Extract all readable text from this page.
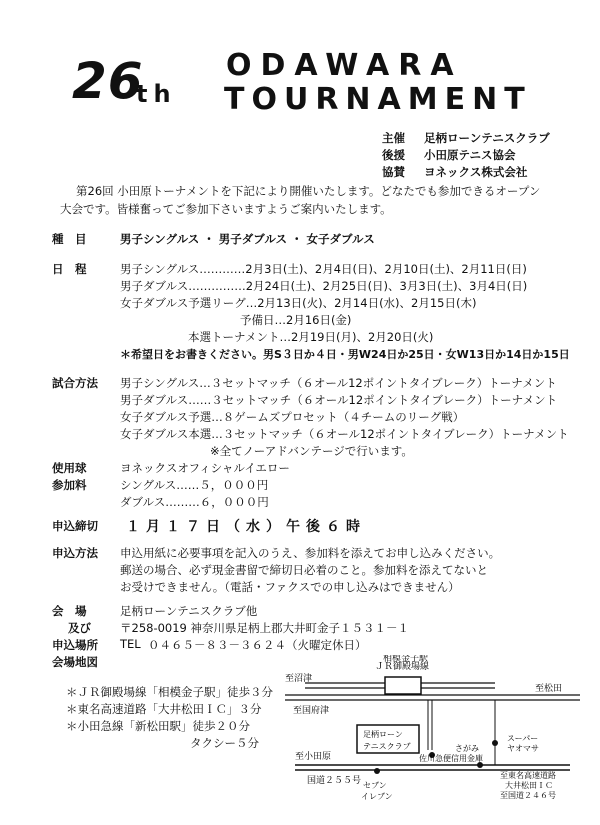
26
th
ODAWARA
TOURNAMENT
主催 足柄ローンテニスクラブ
後援 小田原テニス協会
協賛 ヨネックス株式会社
第26回 小田原トーナメントを下記により開催いたします。どなたでも参加できるオープン
大会です。皆様奮ってご参加下さいますようご案内いたします。
種　目	男子シングルス ・ 男子ダブルス ・ 女子ダブルス
日　程	男子シングルス…………2月3日(土)、2月4日(日)、2月10日(土)、2月11日(日)
男子ダブルス……………2月24日(土)、2月25日(日)、3月3日(土)、3月4日(日)
女子ダブルス予選リーグ…2月13日(火)、2月14日(水)、2月15日(木)
予備日…2月16日(金)
本選トーナメント…2月19日(月)、2月20日(火)
＊希望日をお書きください。男S３日か４日・男W24日か25日・女W13日か14日か15日
試合方法 男子シングルス…３セットマッチ（６オール12ポイントタイブレーク）トーナメント
男子ダブルス……３セットマッチ（６オール12ポイントタイブレーク）トーナメント
女子ダブルス予選…８ゲームズプロセット（４チームのリーグ戦）
女子ダブルス本選…３セットマッチ（６オール12ポイントタイブレーク）トーナメント
※全てノーアドバンテージで行います。
使用球	ヨネックスオフィシャルイエロー
参加料	シングルス……５，０００円
ダブルス………６，０００円
申込締切 １月１７日（水）午後６時
申込方法 申込用紙に必要事項を記入のうえ、参加料を添えてお申し込みください。
郵送の場合、必ず現金書留で締切日必着のこと。参加料を添えてないと
お受けできません。（電話・ファクスでの申し込みはできません）
会　場	足柄ローンテニスクラブ他
及び	〒258-0019 神奈川県足柄上郡大井町金子１５３１－１
申込場所 TEL ０４６５－８３－３６２４（火曜定休日）
会場地図
＊ＪＲ御殿場線「相模金子駅」徒歩３分
＊東名高速道路「大井松田ＩＣ」３分
＊小田急線「新松田駅」徒歩２０分
タクシー５分
ＪＲ御殿場線
相模金子駅
至沼津
至松田
至国府津
足柄ローン
テニスクラブ
至小田原	佐川急便
さがみ
信用金庫
スーパー
ヤオマサ
国道２５５号 セブン
イレブン
至東名高速道路
大井松田ＩＣ
至国道２４６号
